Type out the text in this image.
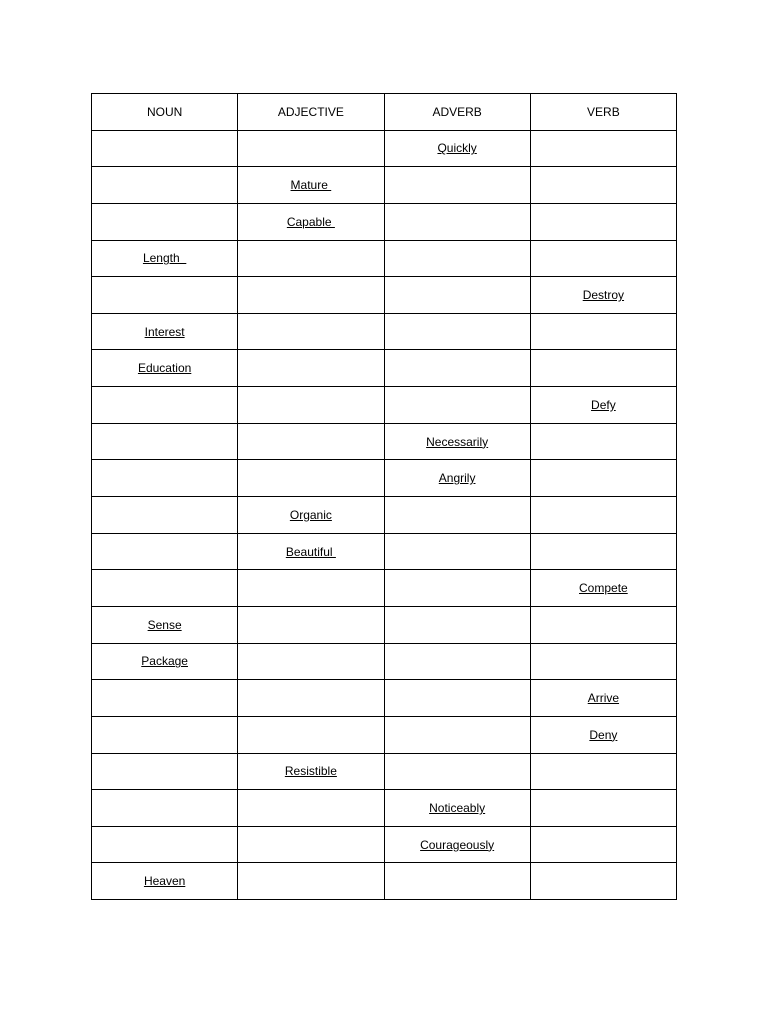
NOUN	ADJECTIVE	ADVERB	VERB
		Quickly	
	Mature		
	Capable		
Length			
			Destroy
Interest			
Education			
			Defy
		Necessarily	
		Angrily	
	Organic		
	Beautiful		
			Compete
Sense			
Package			
			Arrive
			Deny
	Resistible		
		Noticeably	
		Courageously	
Heaven			
